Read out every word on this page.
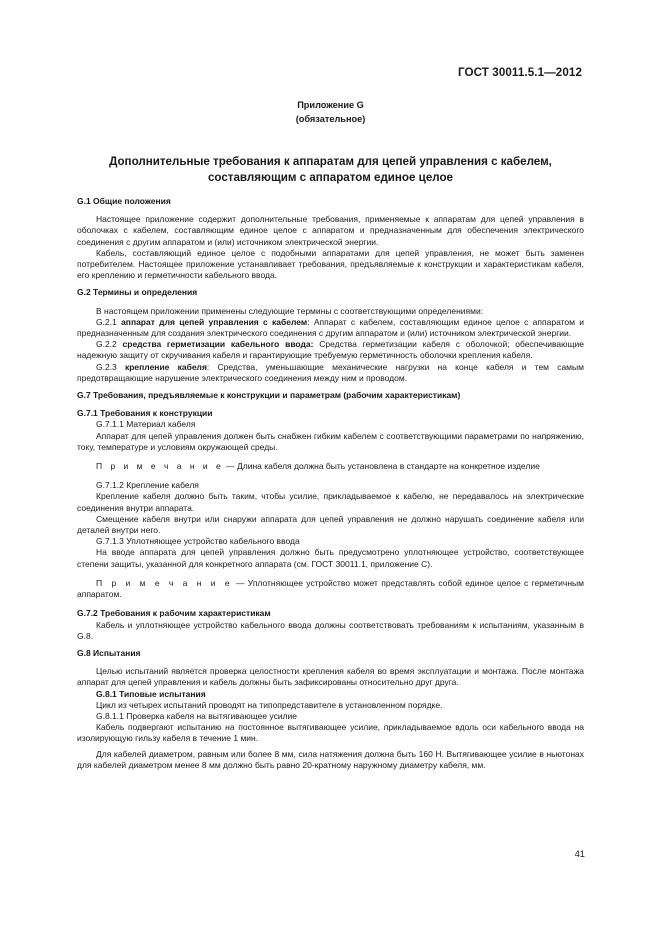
ГОСТ 30011.5.1—2012
Приложение G
(обязательное)
Дополнительные требования к аппаратам для цепей управления с кабелем,
составляющим с аппаратом единое целое

G.1 Общие положения

Настоящее приложение содержит дополнительные требования, применяемые к аппаратам для цепей управления в оболочках с кабелем, составляющим единое целое с аппаратом и предназначенным для обеспечения электрического соединения с другим аппаратом и (или) источником электрической энергии.

Кабель, составляющий единое целое с подобными аппаратами для цепей управления, не может быть заменен потребителем. Настоящее приложение устанавливает требования, предъявляемые к конструкции и характеристикам кабеля, его креплению и герметичности кабельного ввода.

G.2 Термины и определения

В настоящем приложении применены следующие термины с соответствующими определениями:

G.2.1 аппарат для цепей управления с кабелем: Аппарат с кабелем, составляющим единое целое с аппаратом и предназначенным для создания электрического соединения с другим аппаратом и (или) источником электрической энергии.

G.2.2 средства герметизации кабельного ввода: Средства герметизации кабеля с оболочкой; обеспечивающие надежную защиту от скручивания кабеля и гарантирующие требуемую герметичность оболочки крепления кабеля.

G.2.3 крепление кабеля: Средства, уменьшающие механические нагрузки на конце кабеля и тем самым предотвращающие нарушение электрического соединения между ним и проводом.

G.7 Требования, предъявляемые к конструкции и параметрам (рабочим характеристикам)

G.7.1 Требования к конструкции

G.7.1.1 Материал кабеля

Аппарат для цепей управления должен быть снабжен гибким кабелем с соответствующими параметрами по напряжению, току, температуре и условиям окружающей среды.

П р и м е ч а н и е — Длина кабеля должна быть установлена в стандарте на конкретное изделие

G.7.1.2 Крепление кабеля

Крепление кабеля должно быть таким, чтобы усилие, прикладываемое к кабелю, не передавалось на электрические соединения внутри аппарата.

Смещение кабеля внутри или снаружи аппарата для цепей управления не должно нарушать соединение кабеля или деталей внутри него.

G.7.1.3 Уплотняющее устройство кабельного ввода

На вводе аппарата для цепей управления должно быть предусмотрено уплотняющее устройство, соответствующее степени защиты, указанной для конкретного аппарата (см. ГОСТ 30011.1, приложение С).

П р и м е ч а н и е — Уплотняющее устройство может представлять собой единое целое с герметичным аппаратом.

G.7.2 Требования к рабочим характеристикам

Кабель и уплотняющее устройство кабельного ввода должны соответствовать требованиям к испытаниям, указанным в G.8.

G.8 Испытания

Целью испытаний является проверка целостности крепления кабеля во время эксплуатации и монтажа. После монтажа аппарат для цепей управления и кабель должны быть зафиксированы относительно друг друга.

G.8.1 Типовые испытания

Цикл из четырех испытаний проводят на типопредставителе в установленном порядке.

G.8.1.1 Проверка кабеля на вытягивающее усилие

Кабель подвергают испытанию на постоянное вытягивающее усилие, прикладываемое вдоль оси кабельного ввода на изолирующую гильзу кабеля в течение 1 мин.

Для кабелей диаметром, равным или более 8 мм, сила натяжения должна быть 160 Н. Вытягивающее усилие в ньютонах для кабелей диаметром менее 8 мм должно быть равно 20-кратному наружному диаметру кабеля, мм.

41
